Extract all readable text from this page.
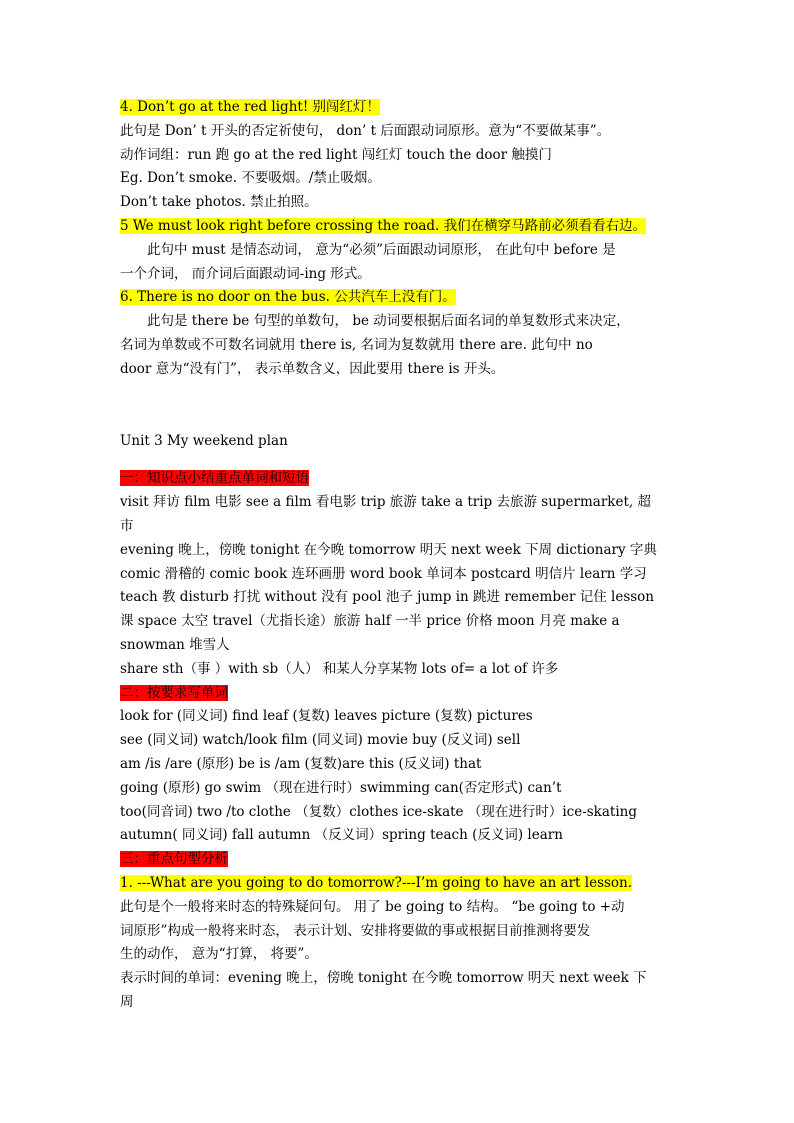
4. Don’t go at the red light! 别闯红灯！
此句是 Don’ t 开头的否定祈使句， don’ t 后面跟动词原形。意为“不要做某事”。
动作词组：run 跑 go at the red light 闯红灯 touch the door 触摸门
Eg. Don’t smoke. 不要吸烟。/禁止吸烟。
Don’t take photos. 禁止拍照。
5 We must look right before crossing the road. 我们在横穿马路前必须看看右边。
此句中 must 是情态动词， 意为“必须”后面跟动词原形， 在此句中 before 是
一个介词， 而介词后面跟动词-ing 形式。
6. There is no door on the bus. 公共汽车上没有门。
此句是 there be 句型的单数句， be 动词要根据后面名词的单复数形式来决定，
名词为单数或不可数名词就用 there is, 名词为复数就用 there are. 此句中 no
door 意为“没有门”， 表示单数含义，因此要用 there is 开头。
Unit 3 My weekend plan
一：知识点小结重点单词和短语
visit 拜访 film 电影 see a film 看电影 trip 旅游 take a trip 去旅游 supermarket, 超
市
evening 晚上，傍晚 tonight 在今晚 tomorrow 明天 next week 下周 dictionary 字典
comic 滑稽的 comic book 连环画册 word book 单词本 postcard 明信片 learn 学习
teach 教 disturb 打扰 without 没有 pool 池子 jump in 跳进 remember 记住 lesson
课 space 太空 travel（尤指长途）旅游 half 一半 price 价格 moon 月亮 make a
snowman 堆雪人
share sth（事 ）with sb（人） 和某人分享某物 lots of= a lot of 许多
二：按要求写单词
look for (同义词) find leaf (复数) leaves picture (复数) pictures
see (同义词) watch/look film (同义词) movie buy (反义词) sell
am /is /are (原形) be is /am (复数)are this (反义词) that
going (原形) go swim （现在进行时）swimming can(否定形式) can’t
too(同音词) two /to clothe （复数）clothes ice-skate （现在进行时）ice-skating
autumn( 同义词) fall autumn （反义词）spring teach (反义词) learn
三：重点句型分析
1. ---What are you going to do tomorrow?---I’m going to have an art lesson.
此句是个一般将来时态的特殊疑问句。 用了 be going to 结构。 “be going to +动
词原形”构成一般将来时态， 表示计划、安排将要做的事或根据目前推测将要发
生的动作， 意为“打算， 将要”。
表示时间的单词：evening 晚上，傍晚 tonight 在今晚 tomorrow 明天 next week 下
周
